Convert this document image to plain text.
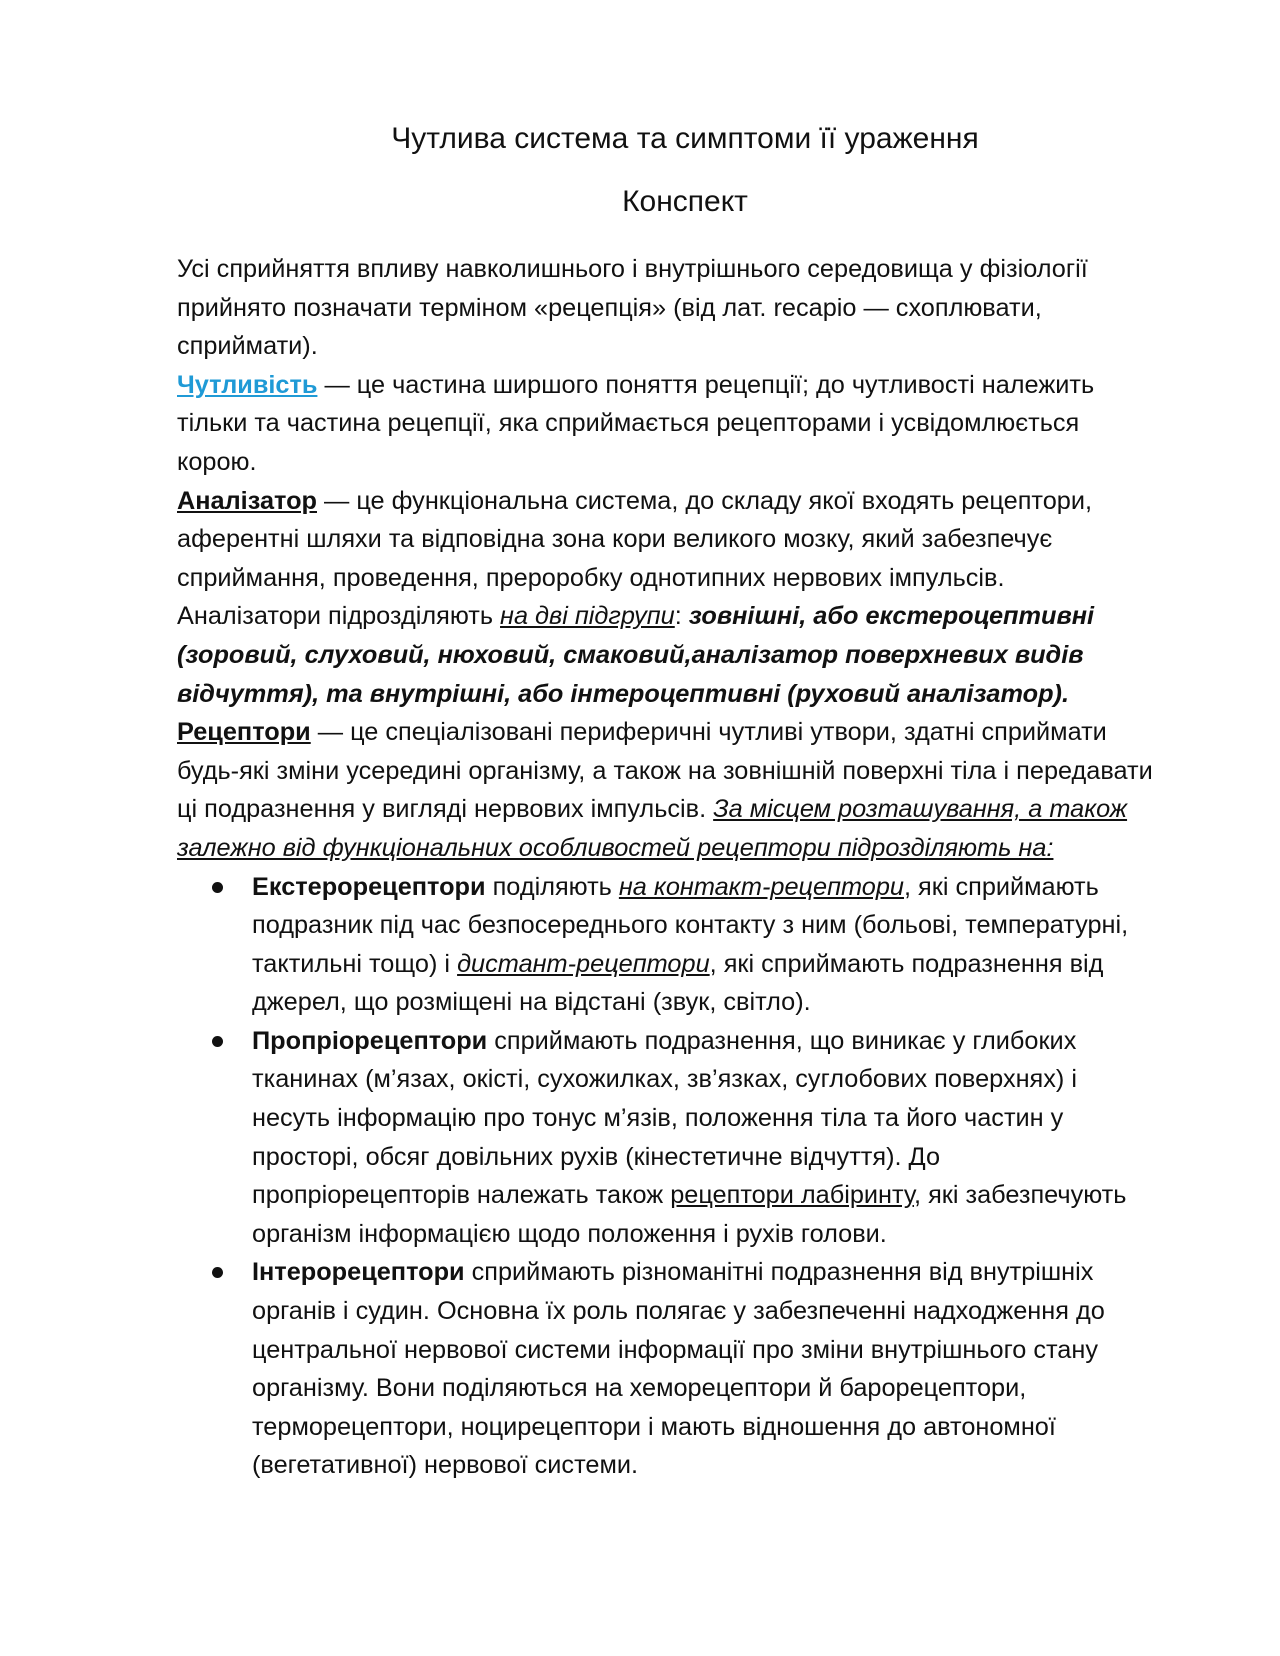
Чутлива система та симптоми її ураження
Конспект

Усі сприйняття впливу навколишнього і внутрішнього середовища у фізіології прийнято позначати терміном «рецепція» (від лат. recapio — схоплювати, сприймати).

Чутливість — це частина ширшого поняття рецепції; до чутливості належить тільки та частина рецепції, яка сприймається рецепторами і усвідомлюється корою.

Аналізатор — це функціональна система, до складу якої входять рецептори, аферентні шляхи та відповідна зона кори великого мозку, який забезпечує сприймання, проведення, прероробку однотипних нервових імпульсів.

Аналізатори підрозділяють на дві підгрупи: зовнішні, або екстероцептивні (зоровий, слуховий, нюховий, смаковий,аналізатор поверхневих видів відчуття), та внутрішні, або інтероцептивні (руховий аналізатор).

Рецептори — це спеціалізовані периферичні чутливі утвори, здатні сприймати будь-які зміни усередині організму, а також на зовнішній поверхні тіла і передавати ці подразнення у вигляді нервових імпульсів. За місцем розташування, а також залежно від функціональних особливостей рецептори підрозділяють на:

Екстерорецептори поділяють на контакт-рецептори, які сприймають подразник під час безпосереднього контакту з ним (больові, температурні, тактильні тощо) і дистант-рецептори, які сприймають подразнення від джерел, що розміщені на відстані (звук, світло).
Пропріорецептори сприймають подразнення, що виникає у глибоких тканинах (м’язах, окісті, сухожилках, зв’язках, суглобових поверхнях) і несуть інформацію про тонус м’язів, положення тіла та його частин у просторі, обсяг довільних рухів (кінестетичне відчуття). До пропріорецепторів належать також рецептори лабіринту, які забезпечують організм інформацією щодо положення і рухів голови.
Інтерорецептори сприймають різноманітні подразнення від внутрішніх органів і судин. Основна їх роль полягає у забезпеченні надходження до центральної нервової системи інформації про зміни внутрішнього стану організму. Вони поділяються на хеморецептори й барорецептори, терморецептори, ноцирецептори і мають відношення до автономної (вегетативної) нервової системи.
